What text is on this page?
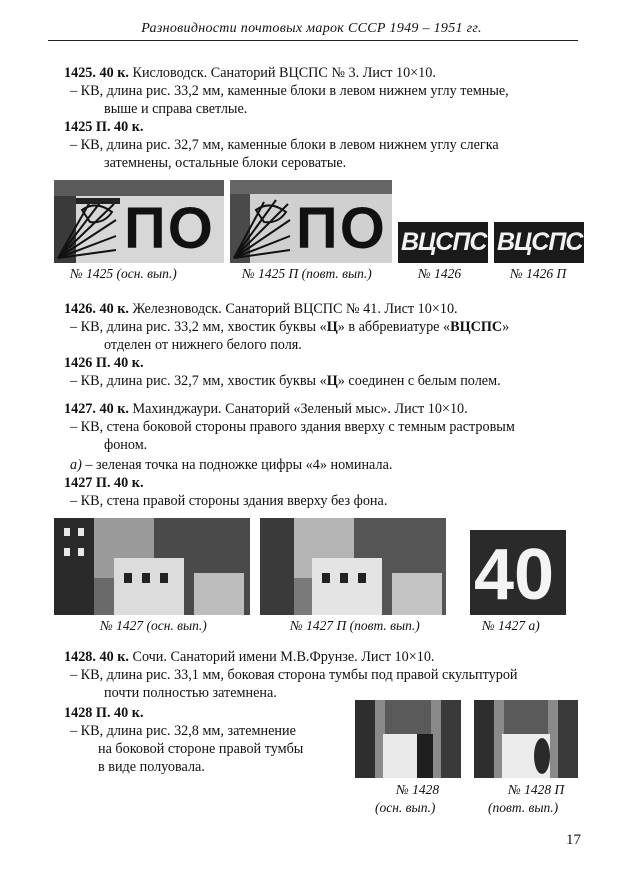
Разновидности почтовых марок СССР 1949 – 1951 гг.
1425. 40 к. Кисловодск. Санаторий ВЦСПС № 3. Лист 10×10.
– КВ, длина рис. 33,2 мм, каменные блоки в левом нижнем углу темные,
выше и справа светлые.
1425 П. 40 к.
– КВ, длина рис. 32,7 мм, каменные блоки в левом нижнем углу слегка
затемнены, остальные блоки сероватые.
ПО ПО ВЦСПС ВЦСПС
№ 1425 (осн. вып.)	№ 1425 П (повт. вып.)	№ 1426	№ 1426 П
1426. 40 к. Железноводск. Санаторий ВЦСПС № 41. Лист 10×10.
– КВ, длина рис. 33,2 мм, хвостик буквы «Ц» в аббревиатуре «ВЦСПС»
отделен от нижнего белого поля.
1426 П. 40 к.
– КВ, длина рис. 32,7 мм, хвостик буквы «Ц» соединен с белым полем.
1427. 40 к. Махинджаури. Санаторий «Зеленый мыс». Лист 10×10.
– КВ, стена боковой стороны правого здания вверху с темным растровым
фоном.
а) – зеленая точка на подножке цифры «4» номинала.
1427 П. 40 к.
– КВ, стена правой стороны здания вверху без фона.
40
№ 1427 (осн. вып.)	№ 1427 П (повт. вып.)	№ 1427 а)
1428. 40 к. Сочи. Санаторий имени М.В.Фрунзе. Лист 10×10.
– КВ, длина рис. 33,1 мм, боковая сторона тумбы под правой скульптурой
почти полностью затемнена.
1428 П. 40 к.
– КВ, длина рис. 32,8 мм, затемнение
на боковой стороне правой тумбы
в виде полуовала.
№ 1428
(осн. вып.)
№ 1428 П
(повт. вып.)
17
